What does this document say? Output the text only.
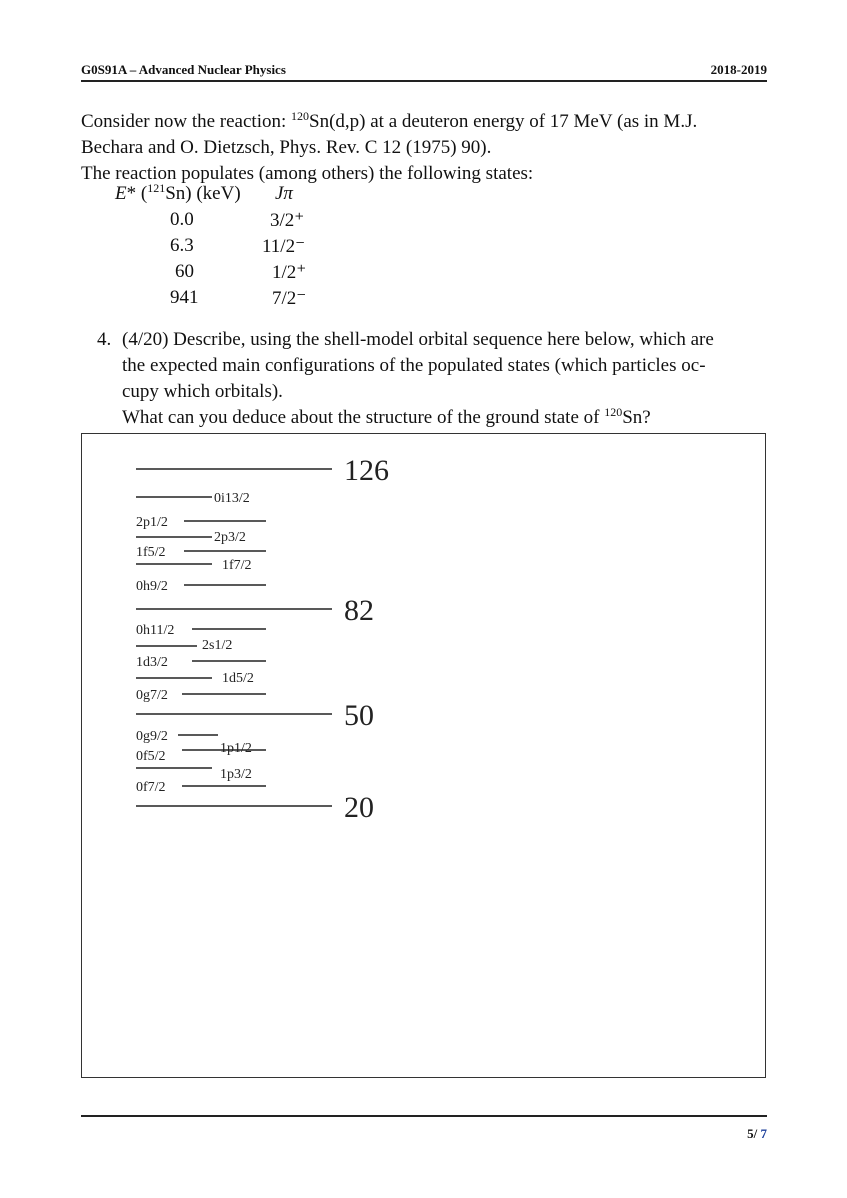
G0S91A – Advanced Nuclear Physics	2018-2019
Consider now the reaction: $^{120}$Sn(d,p) at a deuteron energy of 17 MeV (as in M.J.
Bechara and O. Dietzsch, Phys. Rev. C 12 (1975) 90).
The reaction populates (among others) the following states:
E* ($^{121}$Sn) (keV) Jπ
0.0	3/2⁺
6.3	11/2⁻
60	1/2⁺
941	7/2⁻
4. (4/20) Describe, using the shell-model orbital sequence here below, which are
the expected main configurations of the populated states (which particles oc-
cupy which orbitals).
What can you deduce about the structure of the ground state of $^{120}$Sn?
126
82
50
20
0i13/2
2p1/2
2p3/2
1f5/2
1f7/2
0h9/2
0h11/2
2s1/2
1d3/2
1d5/2
0g7/2
0g9/2
1p1/2
0f5/2
1p3/2
0f7/2
5/ 7
